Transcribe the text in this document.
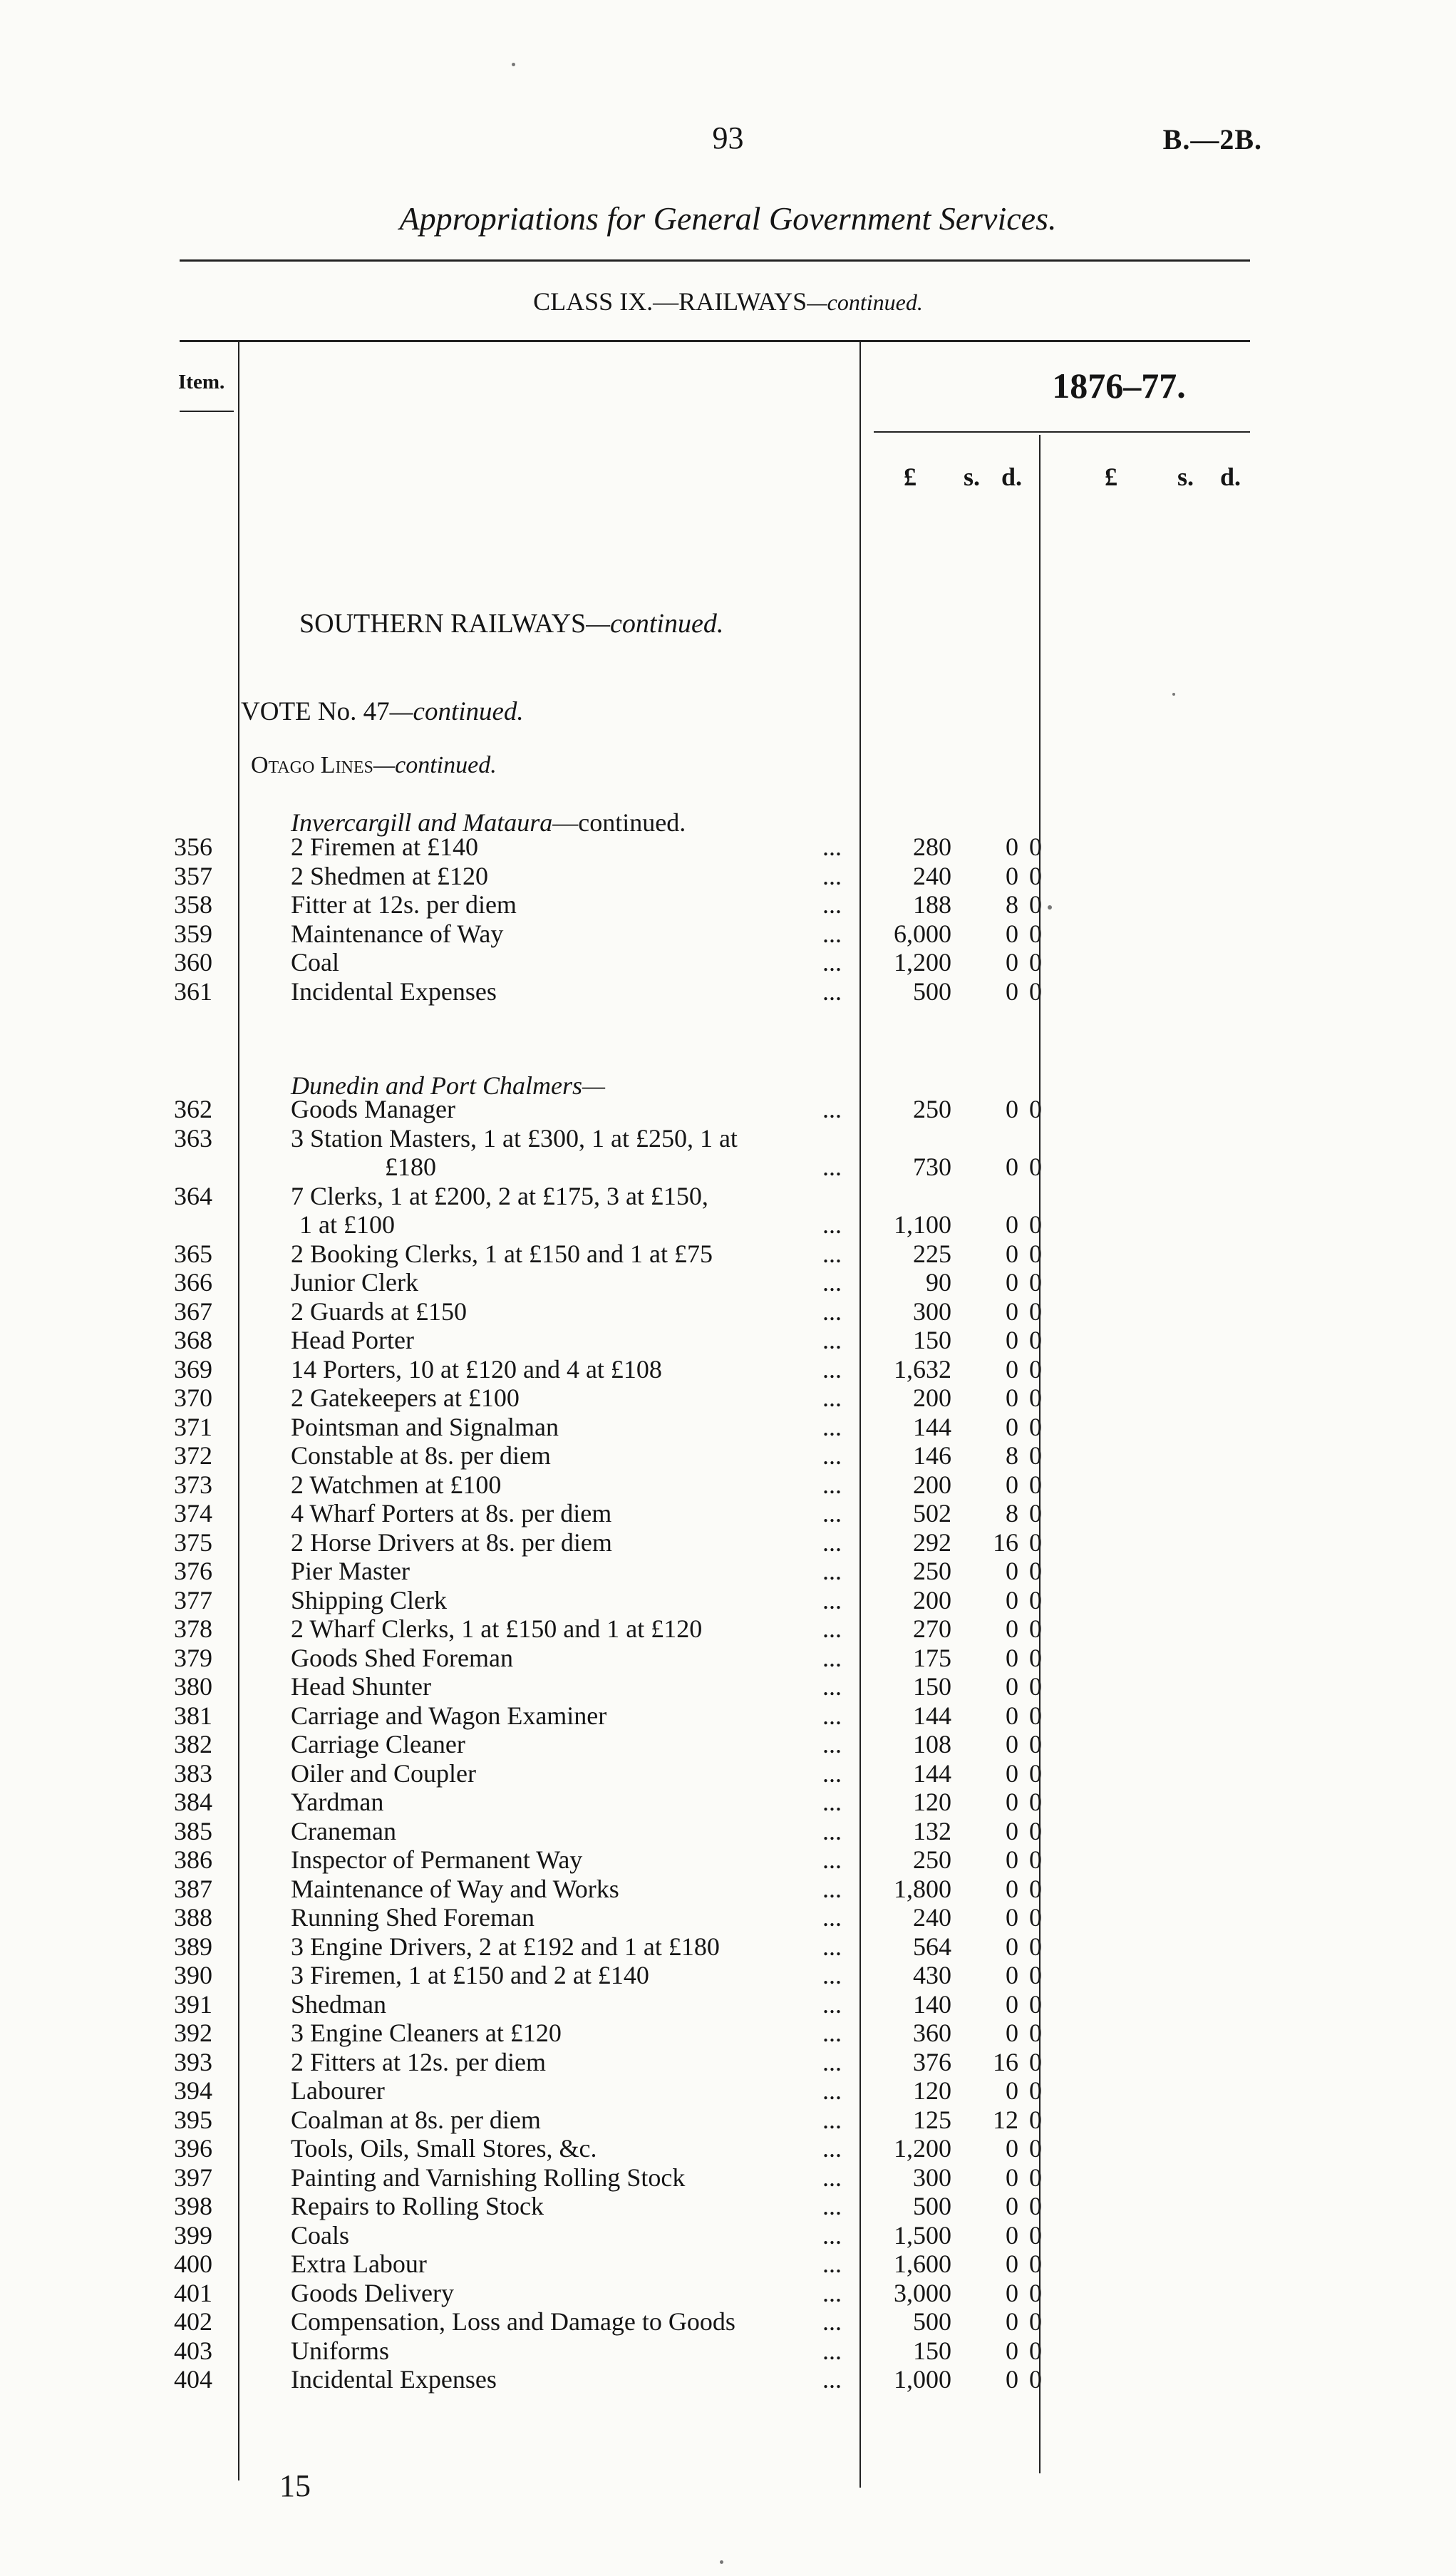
93	B.—2B.
Appropriations for General Government Services.
CLASS IX.—RAILWAYS—continued.
Item.	1876–77.
£ s. d.	£ s. d.
SOUTHERN RAILWAYS—continued.
VOTE No. 47—continued.
Otago Lines—continued.
Invercargill and Mataura—continued.
356	2 Firemen at £140	...	280 0 0
357	2 Shedmen at £120	...	240 0 0
358	Fitter at 12s. per diem	...	188 8 0
359	Maintenance of Way	... 6,000 0 0
360	Coal	... 1,200 0 0
361	Incidental Expenses	...	500 0 0
Dunedin and Port Chalmers—
362	Goods Manager	...	250 0 0
363	3 Station Masters, 1 at £300, 1 at £250, 1 at
£180	...	730 0 0
364	7 Clerks, 1 at £200, 2 at £175, 3 at £150,
1 at £100	... 1,100 0 0
365	2 Booking Clerks, 1 at £150 and 1 at £75	...	225 0 0
366	Junior Clerk	...	90 0 0
367	2 Guards at £150	...	300 0 0
368	Head Porter	...	150 0 0
369	14 Porters, 10 at £120 and 4 at £108	... 1,632 0 0
370	2 Gatekeepers at £100	...	200 0 0
371	Pointsman and Signalman	...	144 0 0
372	Constable at 8s. per diem	...	146 8 0
373	2 Watchmen at £100	...	200 0 0
374	4 Wharf Porters at 8s. per diem	...	502 8 0
375	2 Horse Drivers at 8s. per diem	...	292 16 0
376	Pier Master	...	250 0 0
377	Shipping Clerk	...	200 0 0
378	2 Wharf Clerks, 1 at £150 and 1 at £120	...	270 0 0
379	Goods Shed Foreman	...	175 0 0
380	Head Shunter	...	150 0 0
381	Carriage and Wagon Examiner	...	144 0 0
382	Carriage Cleaner	...	108 0 0
383	Oiler and Coupler	...	144 0 0
384	Yardman	...	120 0 0
385	Craneman	...	132 0 0
386	Inspector of Permanent Way	...	250 0 0
387	Maintenance of Way and Works	... 1,800 0 0
388	Running Shed Foreman	...	240 0 0
389	3 Engine Drivers, 2 at £192 and 1 at £180	...	564 0 0
390	3 Firemen, 1 at £150 and 2 at £140	...	430 0 0
391	Shedman	...	140 0 0
392	3 Engine Cleaners at £120	...	360 0 0
393	2 Fitters at 12s. per diem	...	376 16 0
394	Labourer	...	120 0 0
395	Coalman at 8s. per diem	...	125 12 0
396	Tools, Oils, Small Stores, &c.	... 1,200 0 0
397	Painting and Varnishing Rolling Stock	...	300 0 0
398	Repairs to Rolling Stock	...	500 0 0
399	Coals	... 1,500 0 0
400	Extra Labour	... 1,600 0 0
401	Goods Delivery	... 3,000 0 0
402	Compensation, Loss and Damage to Goods	...	500 0 0
403	Uniforms	...	150 0 0
404	Incidental Expenses	... 1,000 0 0
15
